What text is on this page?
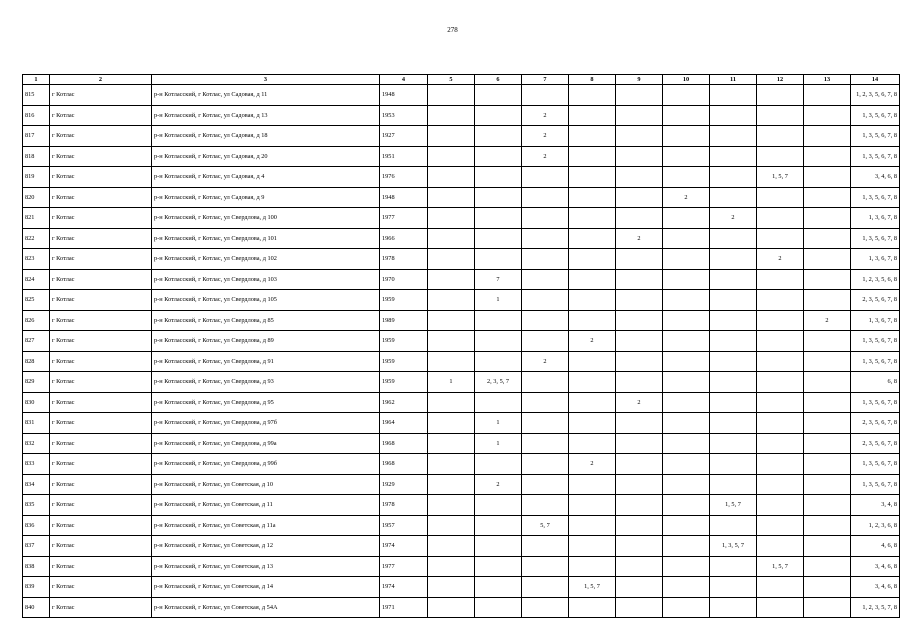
278
1	2	3	4	5	6	7	8	9	10	11	12	13	14
815	г Котлас	р-н Котласский, г Котлас, ул Садовая, д 11	1948										1, 2, 3, 5, 6, 7, 8
816	г Котлас	р-н Котласский, г Котлас, ул Садовая, д 13	1953			2							1, 3, 5, 6, 7, 8
817	г Котлас	р-н Котласский, г Котлас, ул Садовая, д 18	1927			2							1, 3, 5, 6, 7, 8
818	г Котлас	р-н Котласский, г Котлас, ул Садовая, д 20	1951			2							1, 3, 5, 6, 7, 8
819	г Котлас	р-н Котласский, г Котлас, ул Садовая, д 4	1976								1, 5, 7		3, 4, 6, 8
820	г Котлас	р-н Котласский, г Котлас, ул Садовая, д 9	1948						2				1, 3, 5, 6, 7, 8
821	г Котлас	р-н Котласский, г Котлас, ул Свердлова, д 100	1977							2			1, 3, 6, 7, 8
822	г Котлас	р-н Котласский, г Котлас, ул Свердлова, д 101	1966					2					1, 3, 5, 6, 7, 8
823	г Котлас	р-н Котласский, г Котлас, ул Свердлова, д 102	1978								2		1, 3, 6, 7, 8
824	г Котлас	р-н Котласский, г Котлас, ул Свердлова, д 103	1970		7								1, 2, 3, 5, 6, 8
825	г Котлас	р-н Котласский, г Котлас, ул Свердлова, д 105	1959		1								2, 3, 5, 6, 7, 8
826	г Котлас	р-н Котласский, г Котлас, ул Свердлова, д 85	1989									2	1, 3, 6, 7, 8
827	г Котлас	р-н Котласский, г Котлас, ул Свердлова, д 89	1959				2						1, 3, 5, 6, 7, 8
828	г Котлас	р-н Котласский, г Котлас, ул Свердлова, д 91	1959			2							1, 3, 5, 6, 7, 8
829	г Котлас	р-н Котласский, г Котлас, ул Свердлова, д 93	1959	1	2, 3, 5, 7								6, 8
830	г Котлас	р-н Котласский, г Котлас, ул Свердлова, д 95	1962					2					1, 3, 5, 6, 7, 8
831	г Котлас	р-н Котласский, г Котлас, ул Свердлова, д 97б	1964		1								2, 3, 5, 6, 7, 8
832	г Котлас	р-н Котласский, г Котлас, ул Свердлова, д 99а	1968		1								2, 3, 5, 6, 7, 8
833	г Котлас	р-н Котласский, г Котлас, ул Свердлова, д 99б	1968				2						1, 3, 5, 6, 7, 8
834	г Котлас	р-н Котласский, г Котлас, ул Советская, д 10	1929		2								1, 3, 5, 6, 7, 8
835	г Котлас	р-н Котласский, г Котлас, ул Советская, д 11	1978							1, 5, 7			3, 4, 8
836	г Котлас	р-н Котласский, г Котлас, ул Советская, д 11а	1957			5, 7							1, 2, 3, 6, 8
837	г Котлас	р-н Котласский, г Котлас, ул Советская, д 12	1974							1, 3, 5, 7			4, 6, 8
838	г Котлас	р-н Котласский, г Котлас, ул Советская, д 13	1977								1, 5, 7		3, 4, 6, 8
839	г Котлас	р-н Котласский, г Котлас, ул Советская, д 14	1974				1, 5, 7						3, 4, 6, 8
840	г Котлас	р-н Котласский, г Котлас, ул Советская, д 54А	1971										1, 2, 3, 5, 7, 8
